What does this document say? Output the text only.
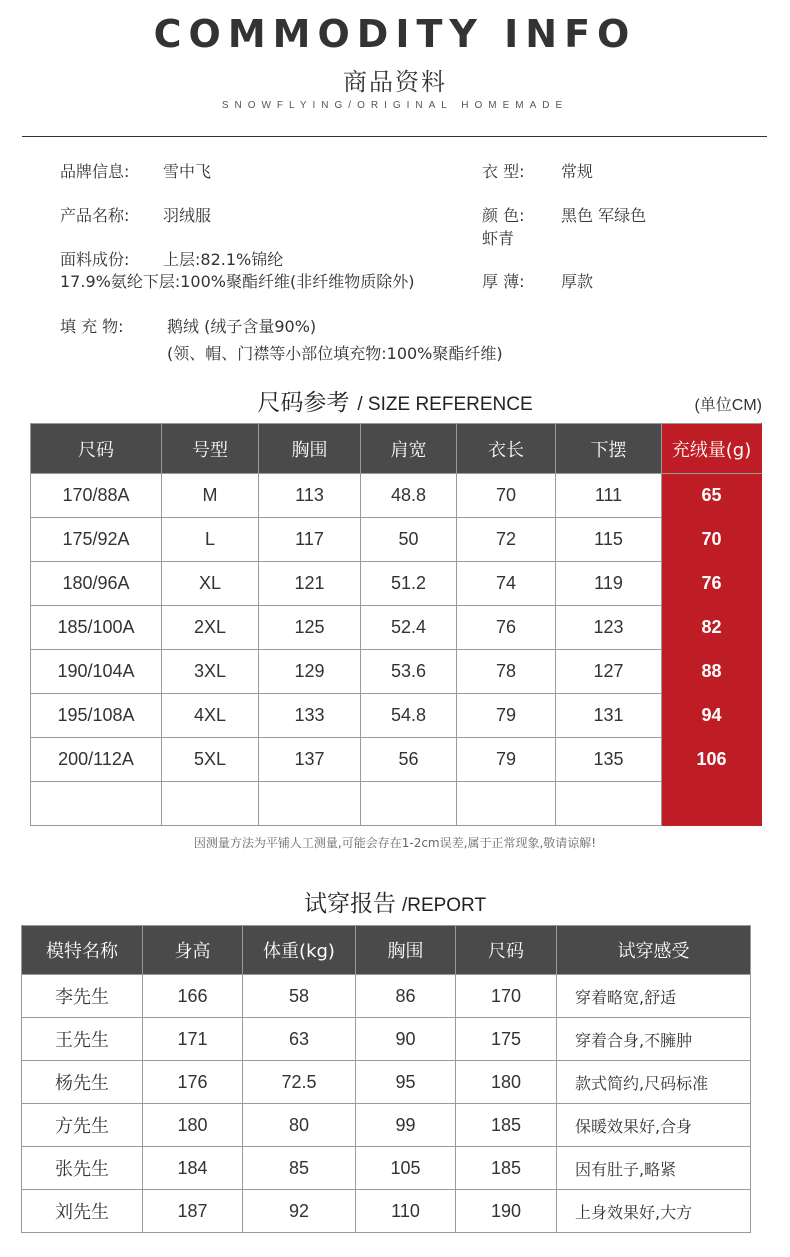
COMMODITY INFO
商品资料
SNOWFLYING/ORIGINAL HOMEMADE
品牌信息: 雪中飞	衣 型: 常规
产品名称: 羽绒服	颜 色: 黑色 军绿色
虾青
面料成份: 上层:82.1%锦纶
17.9%氨纶下层:100%聚酯纤维(非纤维物质除外)	厚 薄: 厚款
填 充 物:	鹅绒 (绒子含量90%)
(领、帽、门襟等小部位填充物:100%聚酯纤维)
尺码参考 / SIZE REFERENCE	(单位CM)
尺码	号型	胸围	肩宽	衣长	下摆	充绒量(g)
170/88A	M	113	48.8	70	111	65
175/92A	L	117	50	72	115	70
180/96A	XL	121	51.2	74	119	76
185/100A	2XL	125	52.4	76	123	82
190/104A	3XL	129	53.6	78	127	88
195/108A	4XL	133	54.8	79	131	94
200/112A	5XL	137	56	79	135	106

因测量方法为平铺人工测量,可能会存在1-2cm误差,属于正常现象,敬请谅解!
试穿报告 /REPORT
模特名称	身高	体重(kg)	胸围	尺码	试穿感受
李先生	166	58	86	170	穿着略宽,舒适
王先生	171	63	90	175	穿着合身,不臃肿
杨先生	176	72.5	95	180	款式简约,尺码标准
方先生	180	80	99	185	保暖效果好,合身
张先生	184	85	105	185	因有肚子,略紧
刘先生	187	92	110	190	上身效果好,大方
